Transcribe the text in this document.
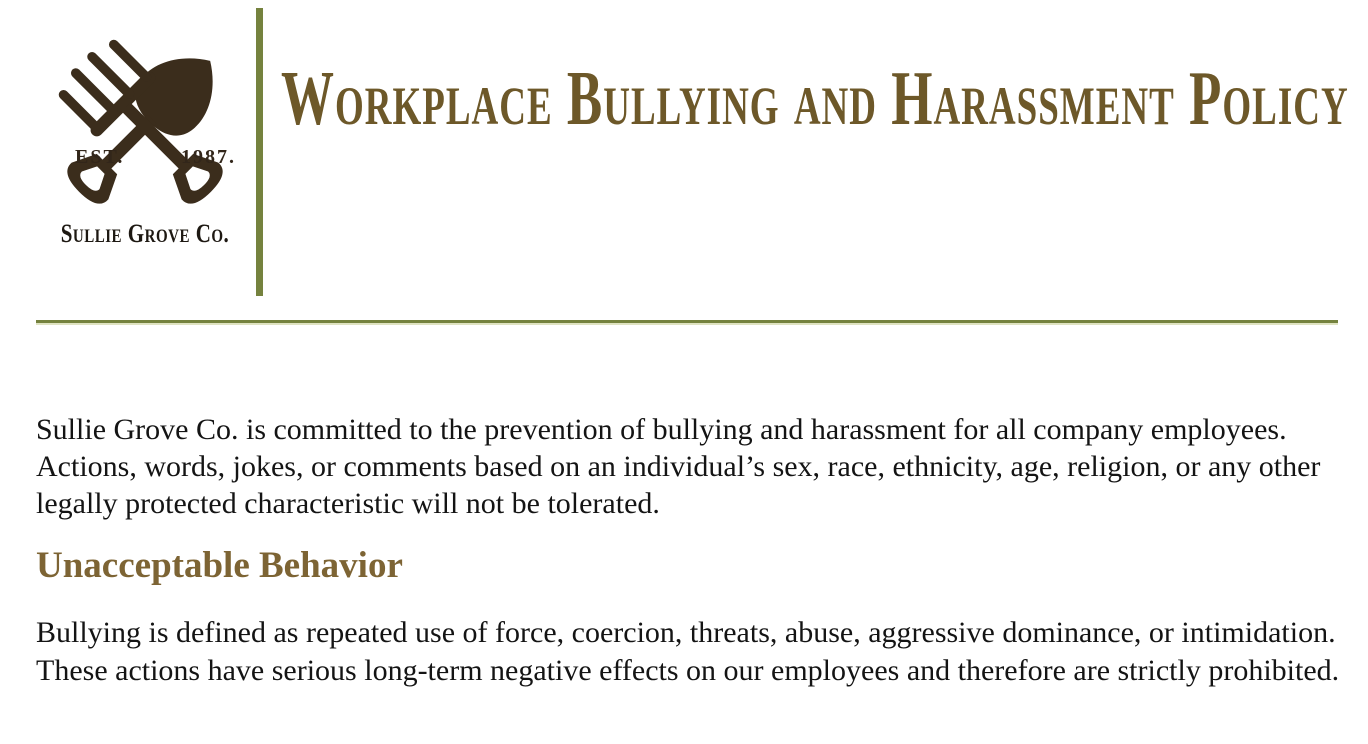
EST.	1987.
Sullie Grove Co.
Workplace Bullying and Harassment Policy

Sullie Grove Co. is committed to the prevention of bullying and harassment for all company employees. Actions, words, jokes, or comments based on an individual’s sex, race, ethnicity, age, religion, or any other legally protected characteristic will not be tolerated.

Unacceptable Behavior

Bullying is defined as repeated use of force, coercion, threats, abuse, aggressive dominance, or intimidation. These actions have serious long-term negative effects on our employees and therefore are strictly prohibited.
